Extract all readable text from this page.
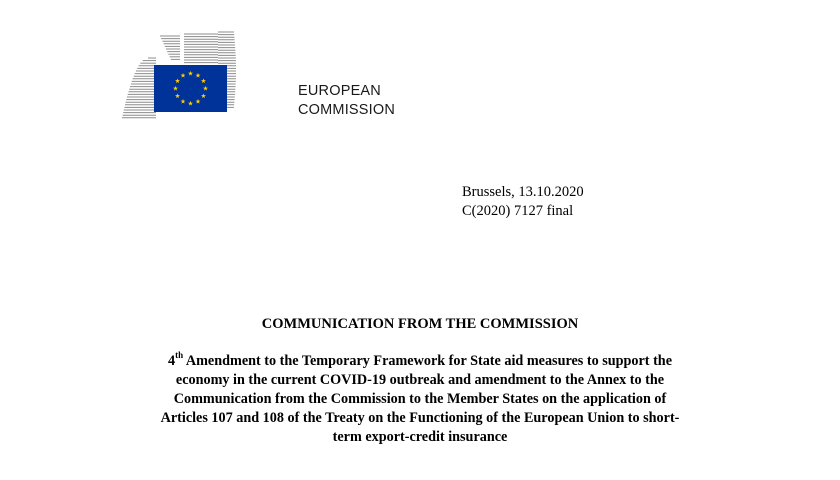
EUROPEAN
COMMISSION
Brussels, 13.10.2020
C(2020) 7127 final
COMMUNICATION FROM THE COMMISSION
4th Amendment to the Temporary Framework for State aid measures to support the
economy in the current COVID-19 outbreak and amendment to the Annex to the
Communication from the Commission to the Member States on the application of
Articles 107 and 108 of the Treaty on the Functioning of the European Union to short-
term export-credit insurance
